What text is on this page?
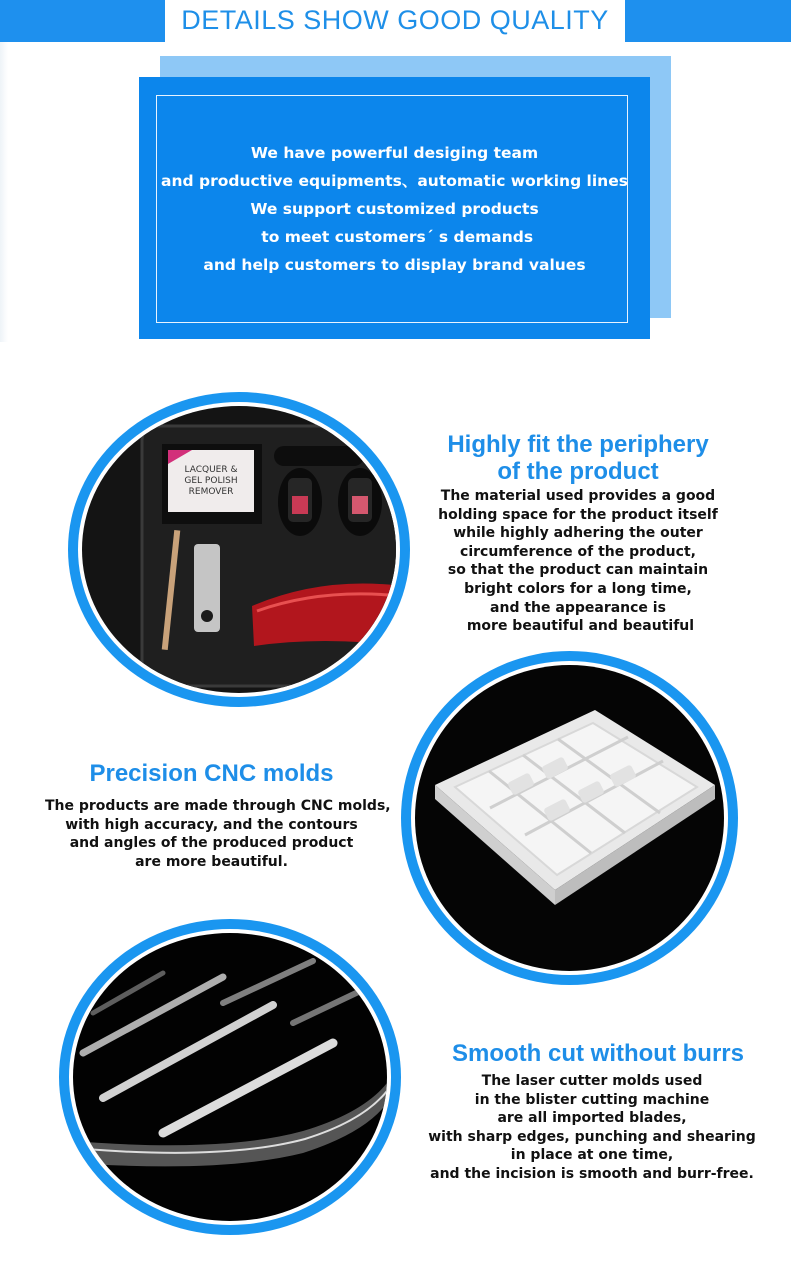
DETAILS SHOW GOOD QUALITY
We have powerful desiging team
and productive equipments、automatic working lines
We support customized products
to meet customers´ s demands
and help customers to display brand values
LACQUER &
GEL POLISH
REMOVER
Highly fit the periphery
of the product
The material used provides a good
holding space for the product itself
while highly adhering the outer
circumference of the product,
so that the product can maintain
bright colors for a long time,
and the appearance is
more beautiful and beautiful
Precision CNC molds
The products are made through CNC molds,
with high accuracy, and the contours
and angles of the produced product
are more beautiful.
Smooth cut without burrs
The laser cutter molds used
in the blister cutting machine
are all imported blades,
with sharp edges, punching and shearing
in place at one time,
and the incision is smooth and burr-free.
